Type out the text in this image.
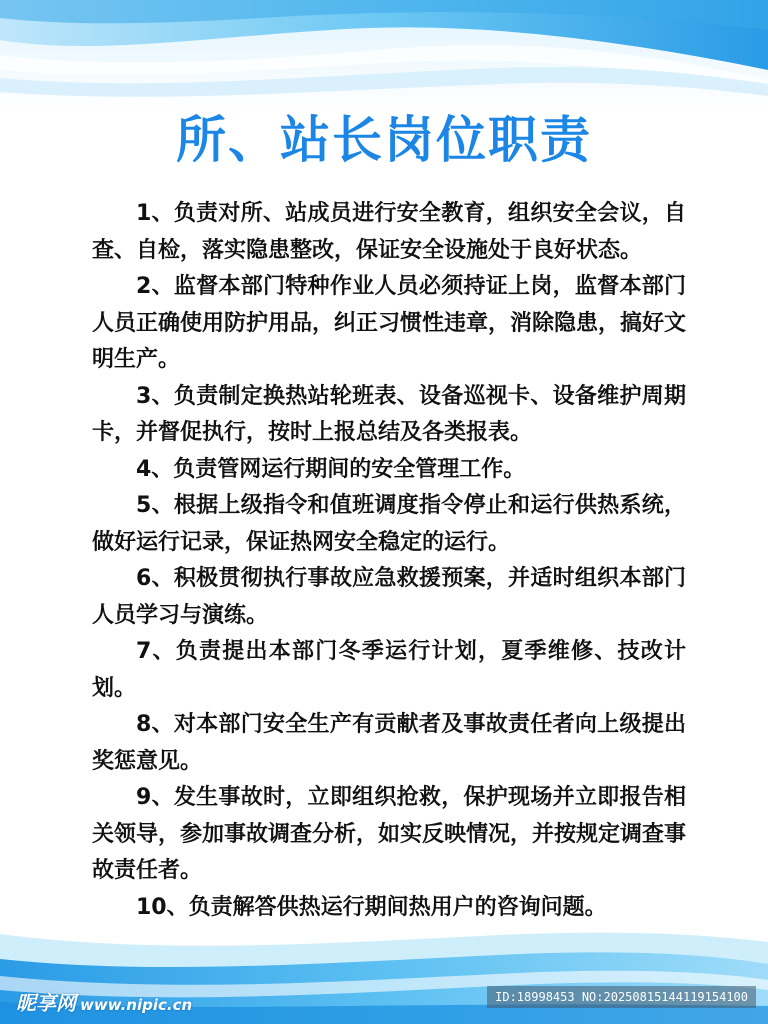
所、站长岗位职责

1、负责对所、站成员进行安全教育，组织安全会议，自查、自检，落实隐患整改，保证安全设施处于良好状态。

2、监督本部门特种作业人员必须持证上岗，监督本部门人员正确使用防护用品，纠正习惯性违章，消除隐患，搞好文明生产。

3、负责制定换热站轮班表、设备巡视卡、设备维护周期卡，并督促执行，按时上报总结及各类报表。

4、负责管网运行期间的安全管理工作。

5、根据上级指令和值班调度指令停止和运行供热系统，做好运行记录，保证热网安全稳定的运行。

6、积极贯彻执行事故应急救援预案，并适时组织本部门人员学习与演练。

7、负责提出本部门冬季运行计划，夏季维修、技改计划。

8、对本部门安全生产有贡献者及事故责任者向上级提出奖惩意见。

9、发生事故时，立即组织抢救，保护现场并立即报告相关领导，参加事故调查分析，如实反映情况，并按规定调查事故责任者。

10、负责解答供热运行期间热用户的咨询问题。

昵享网 www.nipic.cn	ID:18998453 NO:20250815144119154100
